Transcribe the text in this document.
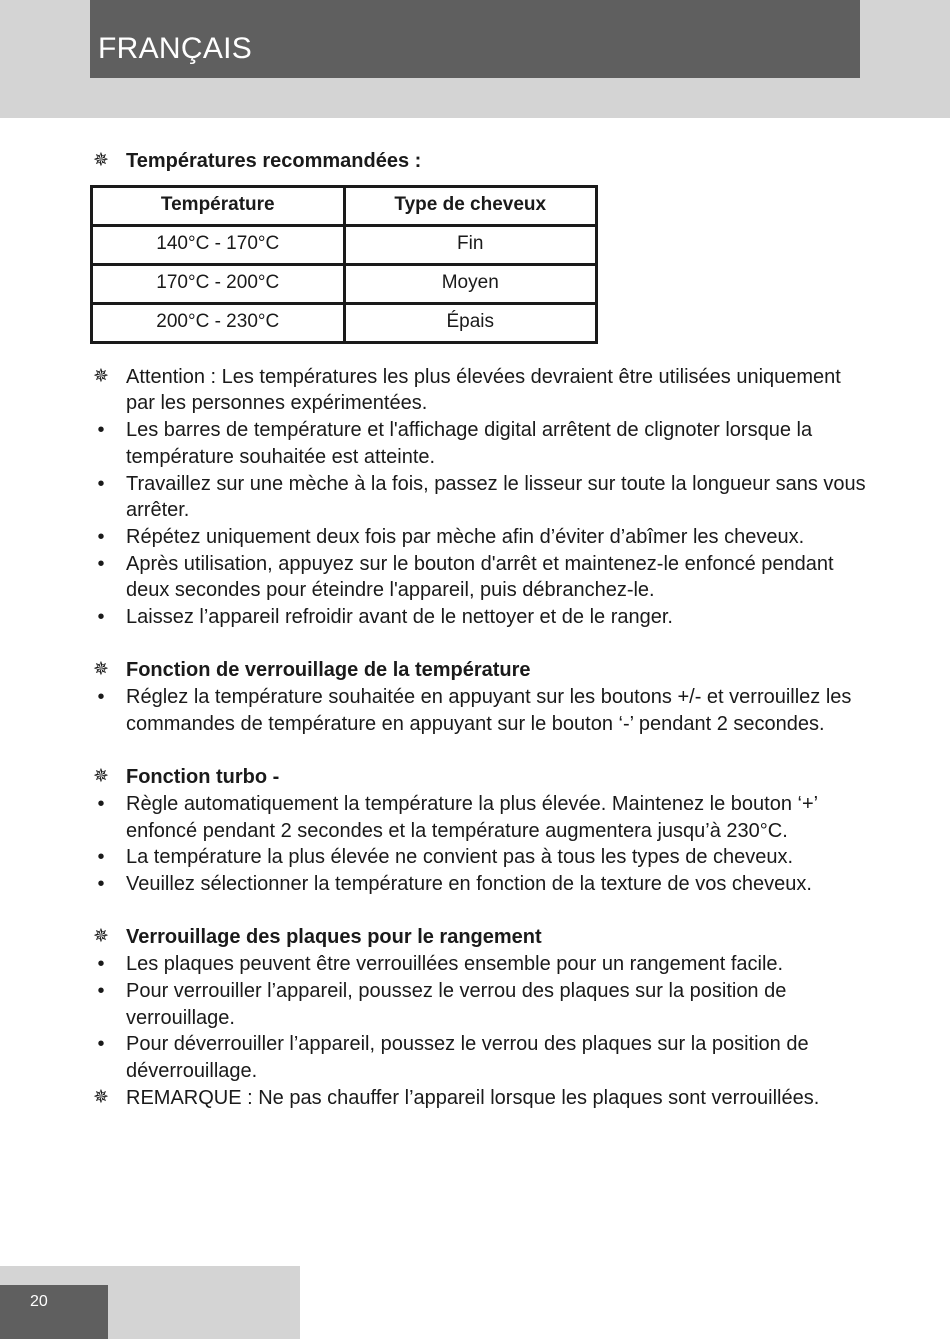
FRANÇAIS
✵ Températures recommandées :
Température	Type de cheveux
140°C - 170°C	Fin
170°C - 200°C	Moyen
200°C - 230°C	Épais
✵ Attention : Les températures les plus élevées devraient être utilisées uniquement par les personnes expérimentées.
•	Les barres de température et l'affichage digital arrêtent de clignoter lorsque la température souhaitée est atteinte.
•	Travaillez sur une mèche à la fois, passez le lisseur sur toute la longueur sans vous arrêter.
•	Répétez uniquement deux fois par mèche afin d’éviter d’abîmer les cheveux.
•	Après utilisation, appuyez sur le bouton d'arrêt et maintenez-le enfoncé pendant deux secondes pour éteindre l'appareil, puis débranchez-le.
•	Laissez l’appareil refroidir avant de le nettoyer et de le ranger.
✵ Fonction de verrouillage de la température
•	Réglez la température souhaitée en appuyant sur les boutons +/- et verrouillez les commandes de température en appuyant sur le bouton ‘-’ pendant 2 secondes.
✵ Fonction turbo -
•	Règle automatiquement la température la plus élevée. Maintenez le bouton ‘+’ enfoncé pendant 2 secondes et la température augmentera jusqu’à 230°C.
•	La température la plus élevée ne convient pas à tous les types de cheveux.
•	Veuillez sélectionner la température en fonction de la texture de vos cheveux.
✵ Verrouillage des plaques pour le rangement
•	Les plaques peuvent être verrouillées ensemble pour un rangement facile.
•	Pour verrouiller l’appareil, poussez le verrou des plaques sur la position de verrouillage.
•	Pour déverrouiller l’appareil, poussez le verrou des plaques sur la position de déverrouillage.
✵ REMARQUE : Ne pas chauffer l’appareil lorsque les plaques sont verrouillées.
20
